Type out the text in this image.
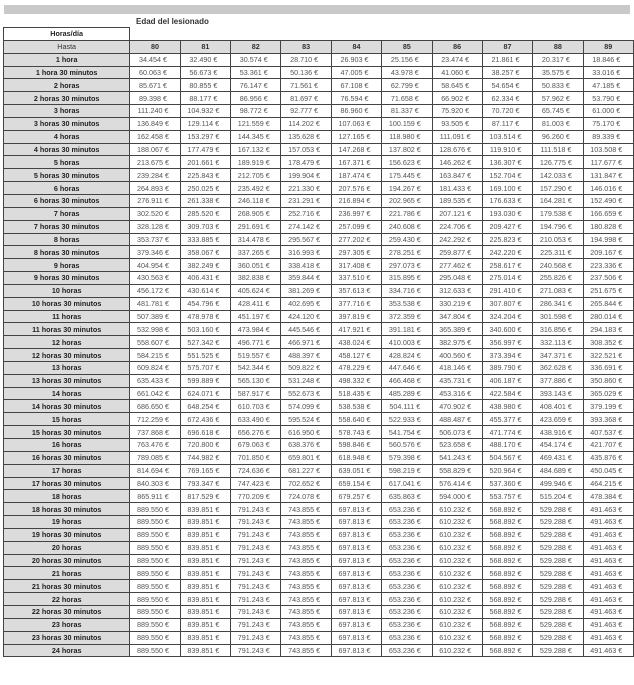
Edad del lesionado
Horas/día										
Hasta	80	81	82	83	84	85	86	87	88	89
1 hora	34.454 €	32.490 €	30.574 €	28.710 €	26.903 €	25.156 €	23.474 €	21.861 €	20.317 €	18.846 €
1 hora 30 minutos	60.063 €	56.673 €	53.361 €	50.136 €	47.005 €	43.978 €	41.060 €	38.257 €	35.575 €	33.016 €
2 horas	85.671 €	80.855 €	76.147 €	71.561 €	67.108 €	62.799 €	58.645 €	54.654 €	50.833 €	47.185 €
2 horas 30 minutos	89.398 €	88.177 €	86.956 €	81.697 €	76.594 €	71.658 €	66.902 €	62.334 €	57.962 €	53.790 €
3 horas	111.240 €	104.932 €	98.772 €	92.777 €	86.960 €	81.337 €	75.920 €	70.720 €	65.745 €	61.000 €
3 horas 30 minutos	136.849 €	129.114 €	121.559 €	114.202 €	107.063 €	100.159 €	93.505 €	87.117 €	81.003 €	75.170 €
4 horas	162.458 €	153.297 €	144.345 €	135.628 €	127.165 €	118.980 €	111.091 €	103.514 €	96.260 €	89.339 €
4 horas 30 minutos	188.067 €	177.479 €	167.132 €	157.053 €	147.268 €	137.802 €	128.676 €	119.910 €	111.518 €	103.508 €
5 horas	213.675 €	201.661 €	189.919 €	178.479 €	167.371 €	156.623 €	146.262 €	136.307 €	126.775 €	117.677 €
5 horas 30 minutos	239.284 €	225.843 €	212.705 €	199.904 €	187.474 €	175.445 €	163.847 €	152.704 €	142.033 €	131.847 €
6 horas	264.893 €	250.025 €	235.492 €	221.330 €	207.576 €	194.267 €	181.433 €	169.100 €	157.290 €	146.016 €
6 horas 30 minutos	276.911 €	261.338 €	246.118 €	231.291 €	216.894 €	202.965 €	189.535 €	176.633 €	164.281 €	152.490 €
7 horas	302.520 €	285.520 €	268.905 €	252.716 €	236.997 €	221.786 €	207.121 €	193.030 €	179.538 €	166.659 €
7 horas 30 minutos	328.128 €	309.703 €	291.691 €	274.142 €	257.099 €	240.608 €	224.706 €	209.427 €	194.796 €	180.828 €
8 horas	353.737 €	333.885 €	314.478 €	295.567 €	277.202 €	259.430 €	242.292 €	225.823 €	210.053 €	194.998 €
8 horas 30 minutos	379.346 €	358.067 €	337.265 €	316.993 €	297.305 €	278.251 €	259.877 €	242.220 €	225.311 €	209.167 €
9 horas	404.954 €	382.249 €	360.051 €	338.418 €	317.408 €	297.073 €	277.462 €	258.617 €	240.568 €	223.336 €
9 horas 30 minutos	430.563 €	406.431 €	382.838 €	359.844 €	337.510 €	315.895 €	295.048 €	275.014 €	255.826 €	237.506 €
10 horas	456.172 €	430.614 €	405.624 €	381.269 €	357.613 €	334.716 €	312.633 €	291.410 €	271.083 €	251.675 €
10 horas 30 minutos	481.781 €	454.796 €	428.411 €	402.695 €	377.716 €	353.538 €	330.219 €	307.807 €	286.341 €	265.844 €
11 horas	507.389 €	478.978 €	451.197 €	424.120 €	397.819 €	372.359 €	347.804 €	324.204 €	301.598 €	280.014 €
11 horas 30 minutos	532.998 €	503.160 €	473.984 €	445.546 €	417.921 €	391.181 €	365.389 €	340.600 €	316.856 €	294.183 €
12 horas	558.607 €	527.342 €	496.771 €	466.971 €	438.024 €	410.003 €	382.975 €	356.997 €	332.113 €	308.352 €
12 horas 30 minutos	584.215 €	551.525 €	519.557 €	488.397 €	458.127 €	428.824 €	400.560 €	373.394 €	347.371 €	322.521 €
13 horas	609.824 €	575.707 €	542.344 €	509.822 €	478.229 €	447.646 €	418.146 €	389.790 €	362.628 €	336.691 €
13 horas 30 minutos	635.433 €	599.889 €	565.130 €	531.248 €	498.332 €	466.468 €	435.731 €	406.187 €	377.886 €	350.860 €
14 horas	661.042 €	624.071 €	587.917 €	552.673 €	518.435 €	485.289 €	453.316 €	422.584 €	393.143 €	365.029 €
14 horas 30 minutos	686.650 €	648.254 €	610.703 €	574.099 €	538.538 €	504.111 €	470.902 €	438.980 €	408.401 €	379.199 €
15 horas	712.259 €	672.436 €	633.490 €	595.524 €	558.640 €	522.933 €	488.487 €	455.377 €	423.659 €	393.368 €
15 horas 30 minutos	737.868 €	696.618 €	656.276 €	616.950 €	578.743 €	541.754 €	506.073 €	471.774 €	438.916 €	407.537 €
16 horas	763.476 €	720.800 €	679.063 €	638.376 €	598.846 €	560.576 €	523.658 €	488.170 €	454.174 €	421.707 €
16 horas 30 minutos	789.085 €	744.982 €	701.850 €	659.801 €	618.948 €	579.398 €	541.243 €	504.567 €	469.431 €	435.876 €
17 horas	814.694 €	769.165 €	724.636 €	681.227 €	639.051 €	598.219 €	558.829 €	520.964 €	484.689 €	450.045 €
17 horas 30 minutos	840.303 €	793.347 €	747.423 €	702.652 €	659.154 €	617.041 €	576.414 €	537.360 €	499.946 €	464.215 €
18 horas	865.911 €	817.529 €	770.209 €	724.078 €	679.257 €	635.863 €	594.000 €	553.757 €	515.204 €	478.384 €
18 horas 30 minutos	889.550 €	839.851 €	791.243 €	743.855 €	697.813 €	653.236 €	610.232 €	568.892 €	529.288 €	491.463 €
19 horas	889.550 €	839.851 €	791.243 €	743.855 €	697.813 €	653.236 €	610.232 €	568.892 €	529.288 €	491.463 €
19 horas 30 minutos	889.550 €	839.851 €	791.243 €	743.855 €	697.813 €	653.236 €	610.232 €	568.892 €	529.288 €	491.463 €
20 horas	889.550 €	839.851 €	791.243 €	743.855 €	697.813 €	653.236 €	610.232 €	568.892 €	529.288 €	491.463 €
20 horas 30 minutos	889.550 €	839.851 €	791.243 €	743.855 €	697.813 €	653.236 €	610.232 €	568.892 €	529.288 €	491.463 €
21 horas	889.550 €	839.851 €	791.243 €	743.855 €	697.813 €	653.236 €	610.232 €	568.892 €	529.288 €	491.463 €
21 horas 30 minutos	889.550 €	839.851 €	791.243 €	743.855 €	697.813 €	653.236 €	610.232 €	568.892 €	529.288 €	491.463 €
22 horas	889.550 €	839.851 €	791.243 €	743.855 €	697.813 €	653.236 €	610.232 €	568.892 €	529.288 €	491.463 €
22 horas 30 minutos	889.550 €	839.851 €	791.243 €	743.855 €	697.813 €	653.236 €	610.232 €	568.892 €	529.288 €	491.463 €
23 horas	889.550 €	839.851 €	791.243 €	743.855 €	697.813 €	653.236 €	610.232 €	568.892 €	529.288 €	491.463 €
23 horas 30 minutos	889.550 €	839.851 €	791.243 €	743.855 €	697.813 €	653.236 €	610.232 €	568.892 €	529.288 €	491.463 €
24 horas	889.550 €	839.851 €	791.243 €	743.855 €	697.813 €	653.236 €	610.232 €	568.892 €	529.288 €	491.463 €
